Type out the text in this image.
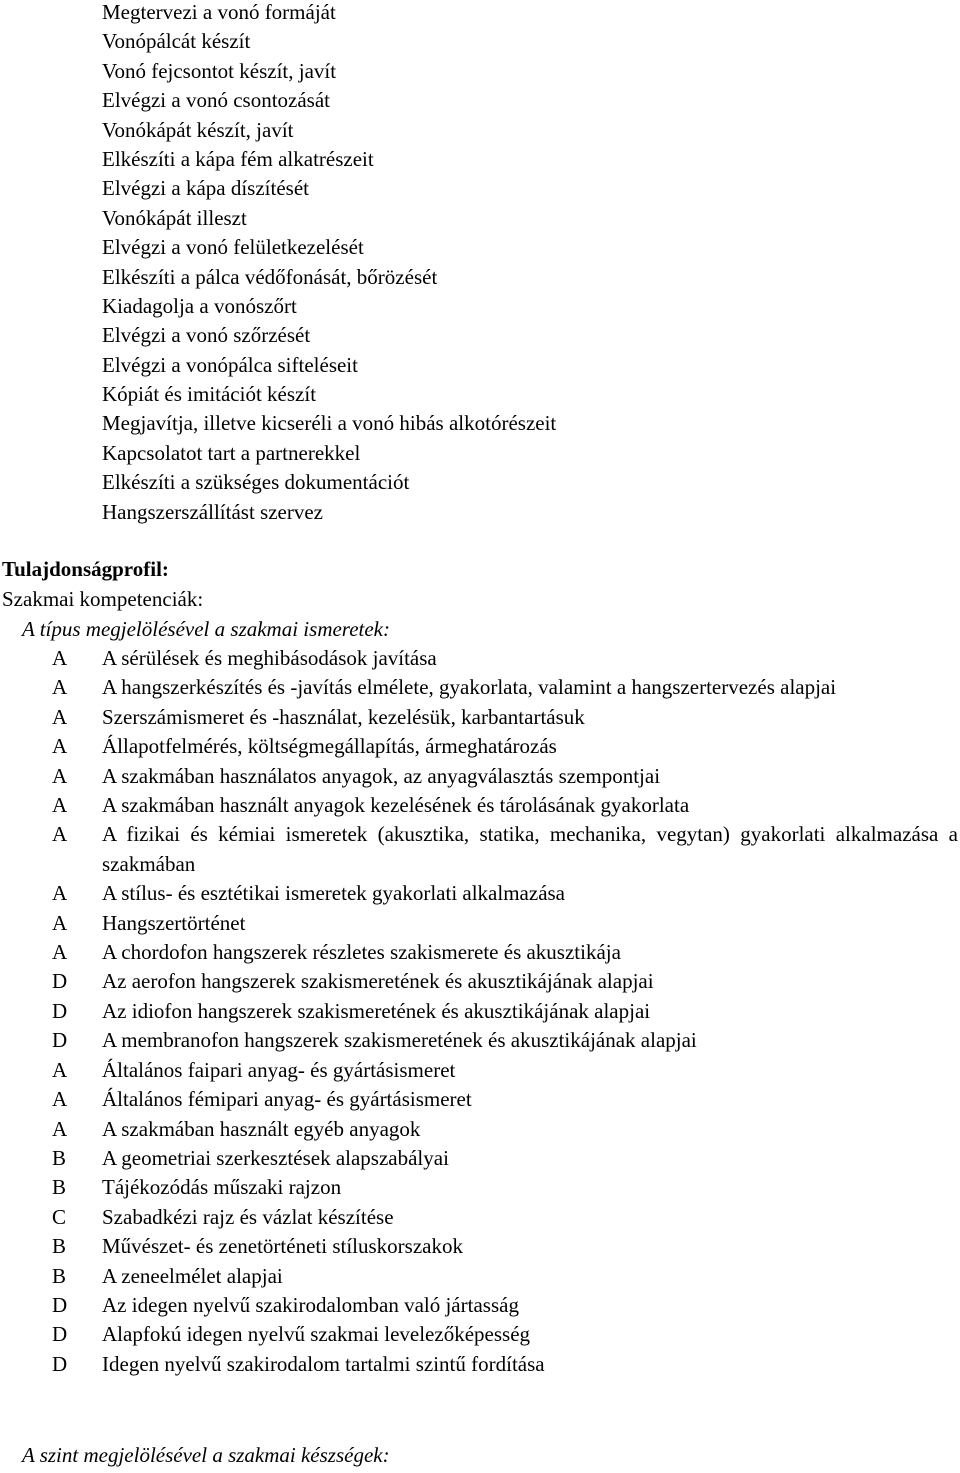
Megtervezi a vonó formáját
Vonópálcát készít
Vonó fejcsontot készít, javít
Elvégzi a vonó csontozását
Vonókápát készít, javít
Elkészíti a kápa fém alkatrészeit
Elvégzi a kápa díszítését
Vonókápát illeszt
Elvégzi a vonó felületkezelését
Elkészíti a pálca védőfonását, bőrözését
Kiadagolja a vonószőrt
Elvégzi a vonó szőrzését
Elvégzi a vonópálca sifteléseit
Kópiát és imitációt készít
Megjavítja, illetve kicseréli a vonó hibás alkotórészeit
Kapcsolatot tart a partnerekkel
Elkészíti a szükséges dokumentációt
Hangszerszállítást szervez
Tulajdonságprofil:
Szakmai kompetenciák:
A típus megjelölésével a szakmai ismeretek:
A A sérülések és meghibásodások javítása
A A hangszerkészítés és -javítás elmélete, gyakorlata, valamint a hangszertervezés alapjai
A Szerszámismeret és -használat, kezelésük, karbantartásuk
A Állapotfelmérés, költségmegállapítás, ármeghatározás
A A szakmában használatos anyagok, az anyagválasztás szempontjai
A A szakmában használt anyagok kezelésének és tárolásának gyakorlata
A A fizikai és kémiai ismeretek (akusztika, statika, mechanika, vegytan) gyakorlati alkalmazása a szakmában
A A stílus- és esztétikai ismeretek gyakorlati alkalmazása
A Hangszertörténet
A A chordofon hangszerek részletes szakismerete és akusztikája
D Az aerofon hangszerek szakismeretének és akusztikájának alapjai
D Az idiofon hangszerek szakismeretének és akusztikájának alapjai
D A membranofon hangszerek szakismeretének és akusztikájának alapjai
A Általános faipari anyag- és gyártásismeret
A Általános fémipari anyag- és gyártásismeret
A A szakmában használt egyéb anyagok
B A geometriai szerkesztések alapszabályai
B Tájékozódás műszaki rajzon
C Szabadkézi rajz és vázlat készítése
B Művészet- és zenetörténeti stíluskorszakok
B A zeneelmélet alapjai
D Az idegen nyelvű szakirodalomban való jártasság
D Alapfokú idegen nyelvű szakmai levelezőképesség
D Idegen nyelvű szakirodalom tartalmi szintű fordítása
A szint megjelölésével a szakmai készségek:
